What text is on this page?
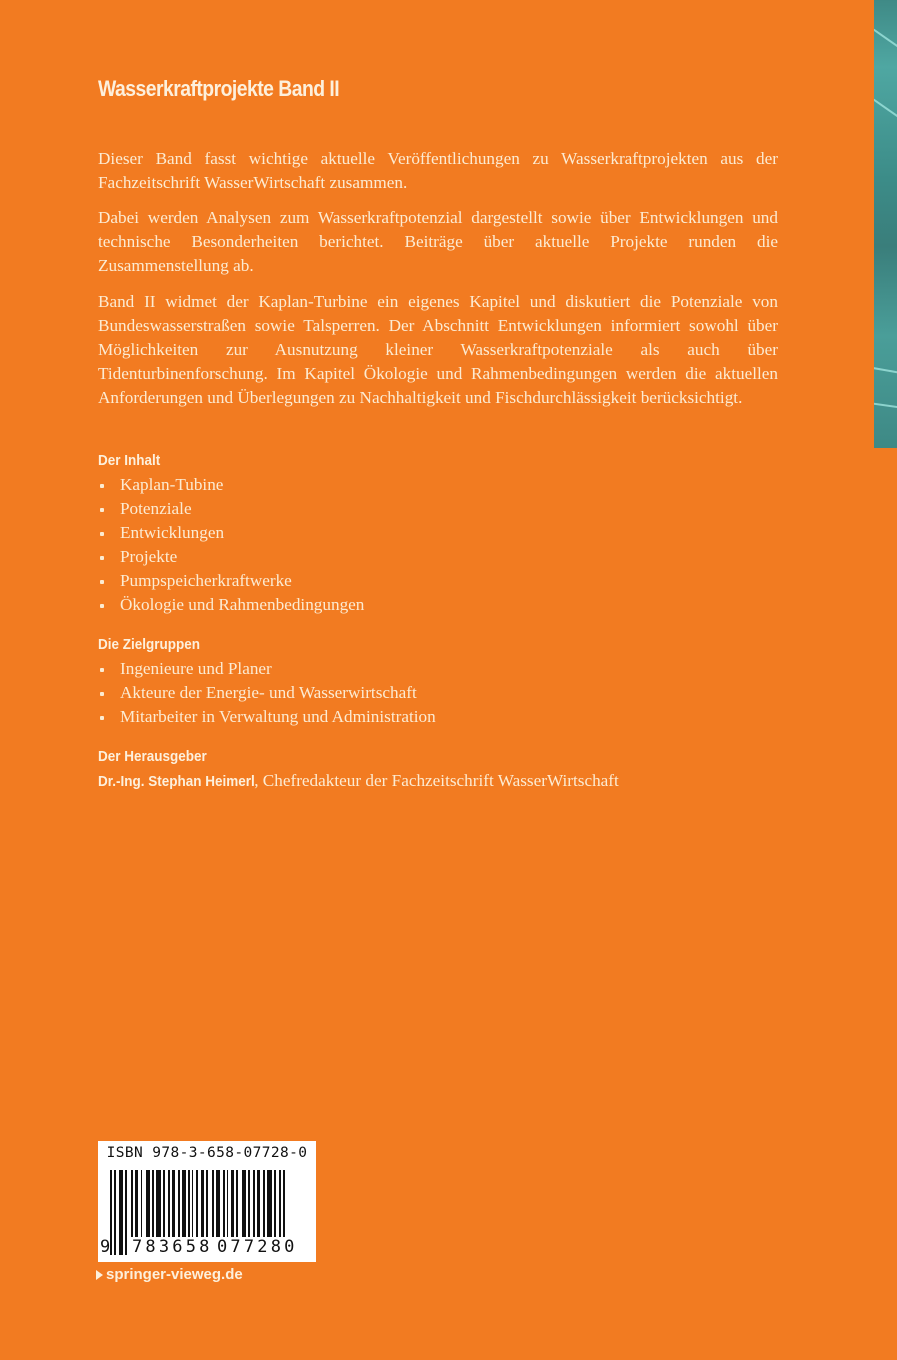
Wasserkraftprojekte Band II

Dieser Band fasst wichtige aktuelle Veröffentlichungen zu Wasserkraftprojekten aus der Fachzeitschrift WasserWirtschaft zusammen.

Dabei werden Analysen zum Wasserkraftpotenzial dargestellt sowie über Entwicklungen und technische Besonderheiten berichtet. Beiträge über aktuelle Projekte runden die Zusammenstellung ab.

Band II widmet der Kaplan-Turbine ein eigenes Kapitel und diskutiert die Potenziale von Bundeswasserstraßen sowie Talsperren. Der Abschnitt Entwicklungen informiert sowohl über Möglichkeiten zur Ausnutzung kleiner Wasserkraftpotenziale als auch über Tidenturbinenforschung. Im Kapitel Ökologie und Rahmenbedingungen werden die aktuellen Anforderungen und Überlegungen zu Nachhaltigkeit und Fischdurchlässigkeit berücksichtigt.

Der Inhalt
Kaplan-Tubine
Potenziale
Entwicklungen
Projekte
Pumpspeicherkraftwerke
Ökologie und Rahmenbedingungen
Die Zielgruppen
Ingenieure und Planer
Akteure der Energie- und Wasserwirtschaft
Mitarbeiter in Verwaltung und Administration
Der Herausgeber
Dr.-Ing. Stephan Heimerl, Chefredakteur der Fachzeitschrift WasserWirtschaft
ISBN 978-3-658-07728-0
9 783658 077280
springer-vieweg.de
